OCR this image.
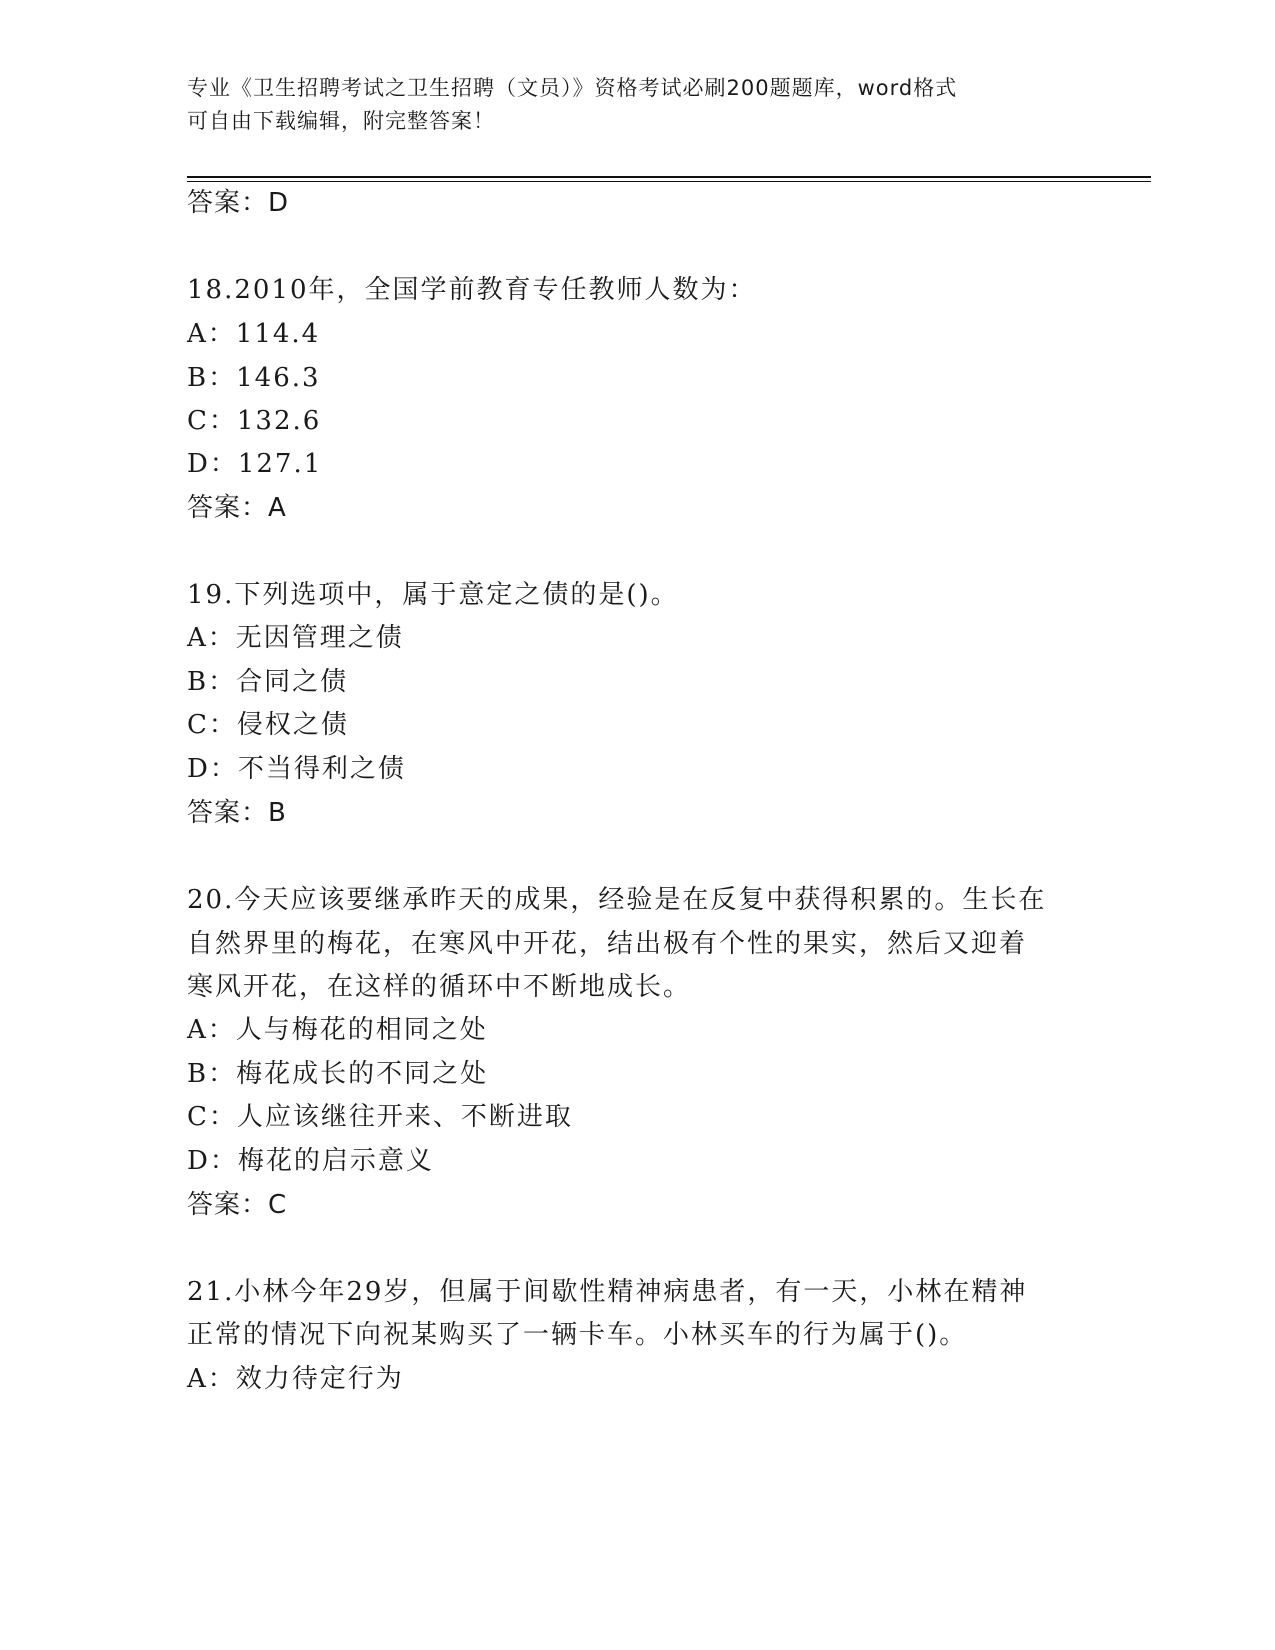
专业《卫生招聘考试之卫生招聘（文员）》资格考试必刷200题题库，word格式
可自由下载编辑，附完整答案！
答案：D
18.2010年，全国学前教育专任教师人数为：
A：114.4
B：146.3
C：132.6
D：127.1
答案：A
19.下列选项中，属于意定之债的是()。
A：无因管理之债
B：合同之债
C：侵权之债
D：不当得利之债
答案：B
20.今天应该要继承昨天的成果，经验是在反复中获得积累的。生长在
自然界里的梅花，在寒风中开花，结出极有个性的果实，然后又迎着
寒风开花，在这样的循环中不断地成长。
A：人与梅花的相同之处
B：梅花成长的不同之处
C：人应该继往开来、不断进取
D：梅花的启示意义
答案：C
21.小林今年29岁，但属于间歇性精神病患者，有一天，小林在精神
正常的情况下向祝某购买了一辆卡车。小林买车的行为属于()。
A：效力待定行为
